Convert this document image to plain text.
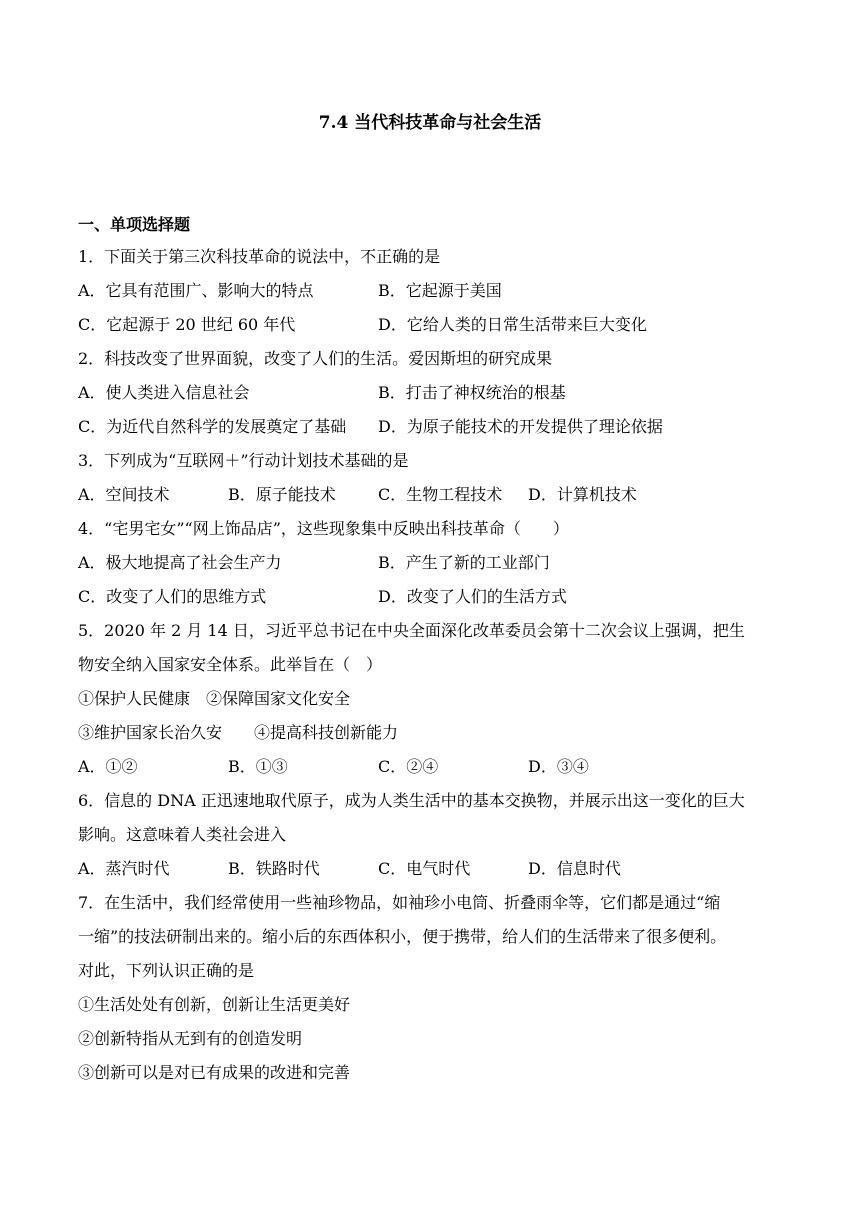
7.4 当代科技革命与社会生活
一、单项选择题
1．下面关于第三次科技革命的说法中，不正确的是
A．它具有范围广、影响大的特点	B．它起源于美国
C．它起源于 20 世纪 60 年代	D．它给人类的日常生活带来巨大变化
2．科技改变了世界面貌，改变了人们的生活。爱因斯坦的研究成果
A．使人类进入信息社会	B．打击了神权统治的根基
C．为近代自然科学的发展奠定了基础	D．为原子能技术的开发提供了理论依据
3．下列成为“互联网＋”行动计划技术基础的是
A．空间技术	B．原子能技术	C．生物工程技术	D．计算机技术
4．“宅男宅女”“网上饰品店”，这些现象集中反映出科技革命（　　）
A．极大地提高了社会生产力	B．产生了新的工业部门
C．改变了人们的思维方式	D．改变了人们的生活方式
5．2020 年 2 月 14 日，习近平总书记在中央全面深化改革委员会第十二次会议上强调，把生
物安全纳入国家安全体系。此举旨在（　）
①保护人民健康　②保障国家文化安全
③维护国家长治久安　　④提高科技创新能力
A．①②	B．①③	C．②④	D．③④
6．信息的 DNA 正迅速地取代原子，成为人类生活中的基本交换物，并展示出这一变化的巨大
影响。这意味着人类社会进入
A．蒸汽时代	B．铁路时代	C．电气时代	D．信息时代
7．在生活中，我们经常使用一些袖珍物品，如袖珍小电筒、折叠雨伞等，它们都是通过“缩
一缩”的技法研制出来的。缩小后的东西体积小，便于携带，给人们的生活带来了很多便利。
对此，下列认识正确的是
①生活处处有创新，创新让生活更美好
②创新特指从无到有的创造发明
③创新可以是对已有成果的改进和完善
